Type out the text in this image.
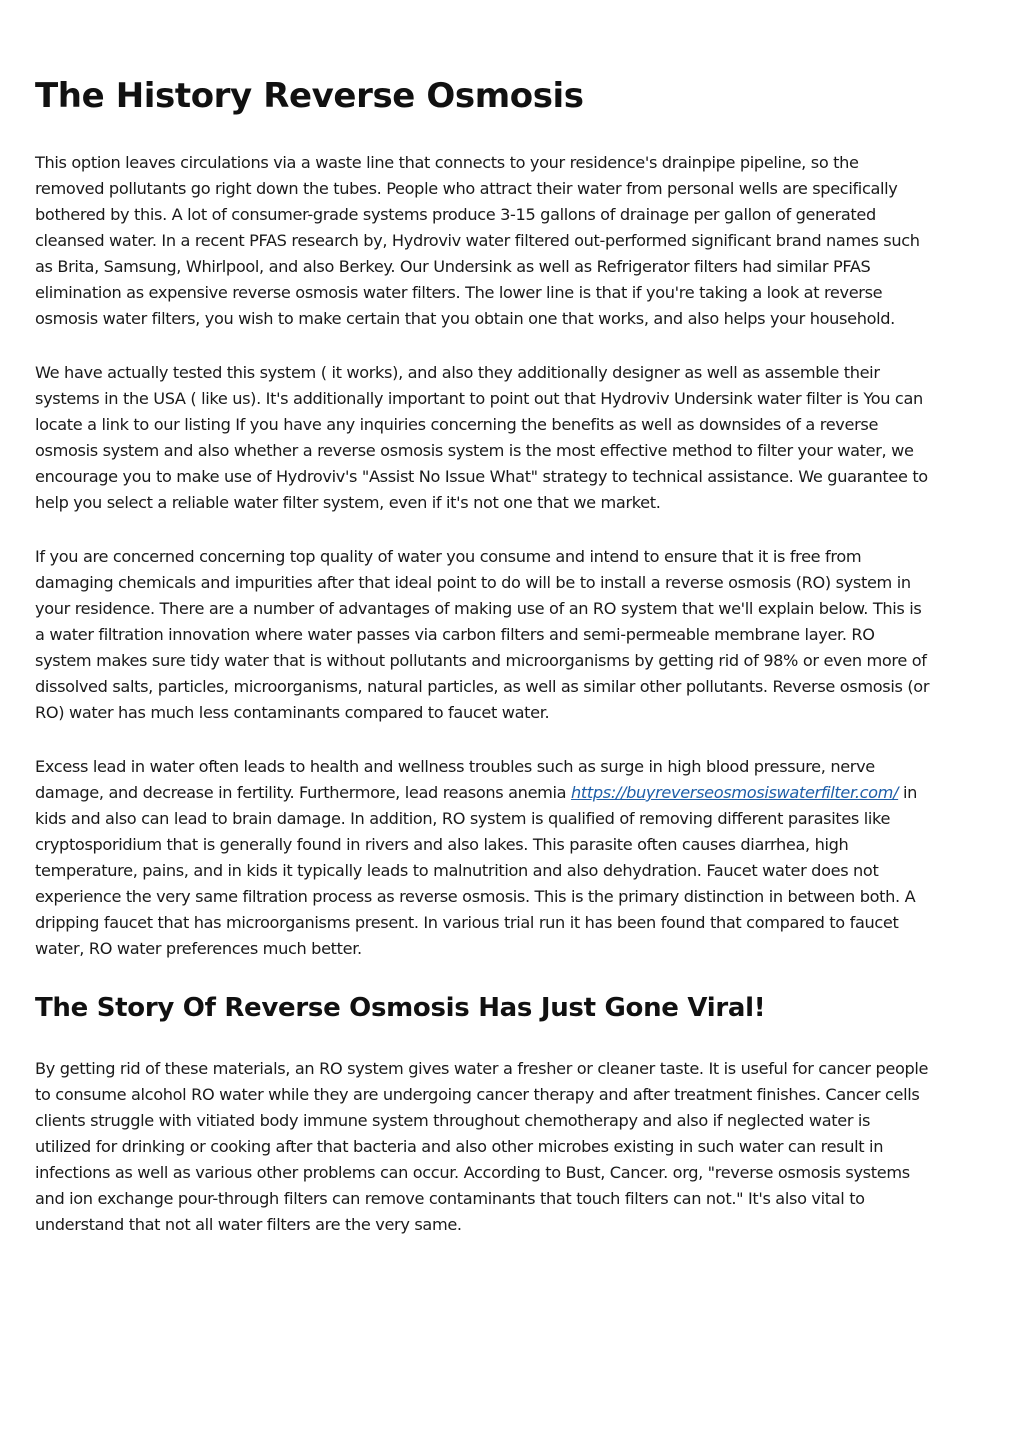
The History Reverse Osmosis

This option leaves circulations via a waste line that connects to your residence's drainpipe pipeline, so the
removed pollutants go right down the tubes. People who attract their water from personal wells are specifically
bothered by this. A lot of consumer-grade systems produce 3-15 gallons of drainage per gallon of generated
cleansed water. In a recent PFAS research by, Hydroviv water filtered out-performed significant brand names such
as Brita, Samsung, Whirlpool, and also Berkey. Our Undersink as well as Refrigerator filters had similar PFAS
elimination as expensive reverse osmosis water filters. The lower line is that if you're taking a look at reverse
osmosis water filters, you wish to make certain that you obtain one that works, and also helps your household.

We have actually tested this system ( it works), and also they additionally designer as well as assemble their
systems in the USA ( like us). It's additionally important to point out that Hydroviv Undersink water filter is You can
locate a link to our listing If you have any inquiries concerning the benefits as well as downsides of a reverse
osmosis system and also whether a reverse osmosis system is the most effective method to filter your water, we
encourage you to make use of Hydroviv's "Assist No Issue What" strategy to technical assistance. We guarantee to
help you select a reliable water filter system, even if it's not one that we market.

If you are concerned concerning top quality of water you consume and intend to ensure that it is free from
damaging chemicals and impurities after that ideal point to do will be to install a reverse osmosis (RO) system in
your residence. There are a number of advantages of making use of an RO system that we'll explain below. This is
a water filtration innovation where water passes via carbon filters and semi-permeable membrane layer. RO
system makes sure tidy water that is without pollutants and microorganisms by getting rid of 98% or even more of
dissolved salts, particles, microorganisms, natural particles, as well as similar other pollutants. Reverse osmosis (or
RO) water has much less contaminants compared to faucet water.

Excess lead in water often leads to health and wellness troubles such as surge in high blood pressure, nerve
damage, and decrease in fertility. Furthermore, lead reasons anemia https://buyreverseosmosiswaterfilter.com/ in
kids and also can lead to brain damage. In addition, RO system is qualified of removing different parasites like
cryptosporidium that is generally found in rivers and also lakes. This parasite often causes diarrhea, high
temperature, pains, and in kids it typically leads to malnutrition and also dehydration. Faucet water does not
experience the very same filtration process as reverse osmosis. This is the primary distinction in between both. A
dripping faucet that has microorganisms present. In various trial run it has been found that compared to faucet
water, RO water preferences much better.

The Story Of Reverse Osmosis Has Just Gone Viral!

By getting rid of these materials, an RO system gives water a fresher or cleaner taste. It is useful for cancer people
to consume alcohol RO water while they are undergoing cancer therapy and after treatment finishes. Cancer cells
clients struggle with vitiated body immune system throughout chemotherapy and also if neglected water is
utilized for drinking or cooking after that bacteria and also other microbes existing in such water can result in
infections as well as various other problems can occur. According to Bust, Cancer. org, "reverse osmosis systems
and ion exchange pour-through filters can remove contaminants that touch filters can not." It's also vital to
understand that not all water filters are the very same.
